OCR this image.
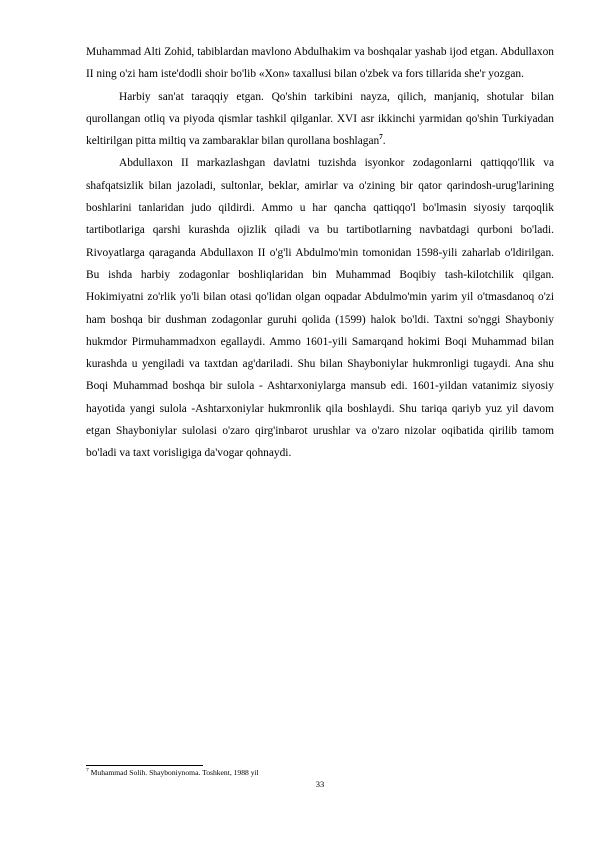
Muhammad Alti Zohid, tabiblardan mavlono Abdulhakim va boshqalar yashab ijod etgan. Abdullaxon II ning o'zi ham iste'dodli shoir bo'lib «Xon» taxallusi bilan o'zbek va fors tillarida she'r yozgan.

Harbiy san'at taraqqiy etgan. Qo'shin tarkibini nayza, qilich, manjaniq, shotular bilan qurollangan otliq va piyoda qismlar tashkil qilganlar. XVI asr ikkinchi yarmidan qo'shin Turkiyadan keltirilgan pitta miltiq va zambaraklar bilan qurollana boshlagan$^7$.

Abdullaxon II markazlashgan davlatni tuzishda isyonkor zodagonlarni qattiqqo'llik va shafqatsizlik bilan jazoladi, sultonlar, beklar, amirlar va o'zining bir qator qarindosh-urug'larining boshlarini tanlaridan judo qildirdi. Ammo u har qancha qattiqqo'l bo'lmasin siyosiy tarqoqlik tartibotlariga qarshi kurashda ojizlik qiladi va bu tartibotlarning navbatdagi qurboni bo'ladi. Rivoyatlarga qaraganda Abdullaxon II o'g'li Abdulmo'min tomonidan 1598-yili zaharlab o'ldirilgan. Bu ishda harbiy zodagonlar boshliqlaridan bin Muhammad Boqibiy tash-kilotchilik qilgan. Hokimiyatni zo'rlik yo'li bilan otasi qo'lidan olgan oqpadar Abdulmo'min yarim yil o'tmasdanoq o'zi ham boshqa bir dushman zodagonlar guruhi qolida (1599) halok bo'ldi. Taxtni so'nggi Shayboniy hukmdor Pirmuhammadxon egallaydi. Ammo 1601-yili Samarqand hokimi Boqi Muhammad bilan kurashda u yengiladi va taxtdan ag'dariladi. Shu bilan Shayboniylar hukmronligi tugaydi. Ana shu Boqi Muhammad boshqa bir sulola - Ashtarxoniylarga mansub edi. 1601-yildan vatanimiz siyosiy hayotida yangi sulola -Ashtarxoniylar hukmronlik qila boshlaydi. Shu tariqa qariyb yuz yil davom etgan Shayboniylar sulolasi o'zaro qirg'inbarot urushlar va o'zaro nizolar oqibatida qirilib tamom bo'ladi va taxt vorisligiga da'vogar qohnaydi.

$^7$ Muhammad Solih. Shayboniynoma. Toshkent, 1988 yil
33
